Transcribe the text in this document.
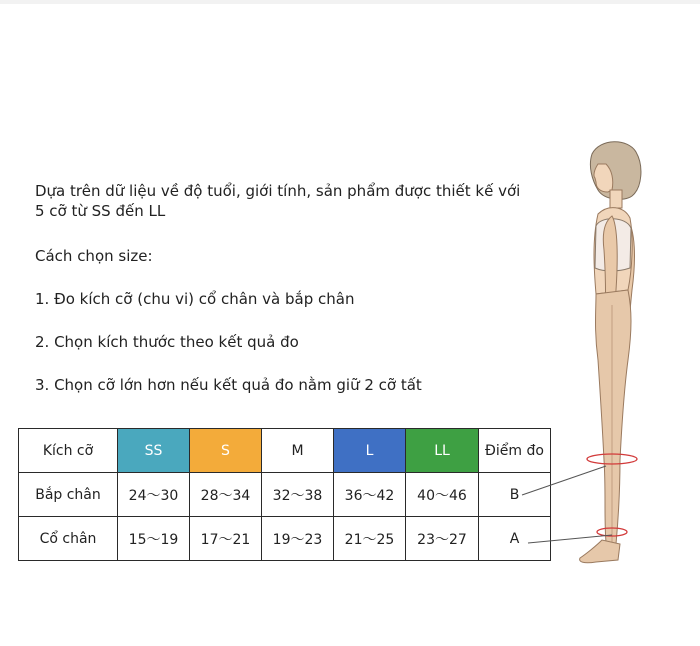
Dựa trên dữ liệu về độ tuổi, giới tính, sản phẩm được thiết kế với

5 cỡ từ SS đến LL

Cách chọn size:
1. Đo kích cỡ (chu vi) cổ chân và bắp chân
2. Chọn kích thước theo kết quả đo
3. Chọn cỡ lớn hơn nếu kết quả đo nằm giữ 2 cỡ tất
Kích cỡ	SS	S	M	L	LL	Điểm đo
Bắp chân	24～30	28～34	32～38	36～42	40～46	B
Cổ chân	15～19	17～21	19～23	21～25	23～27	A
